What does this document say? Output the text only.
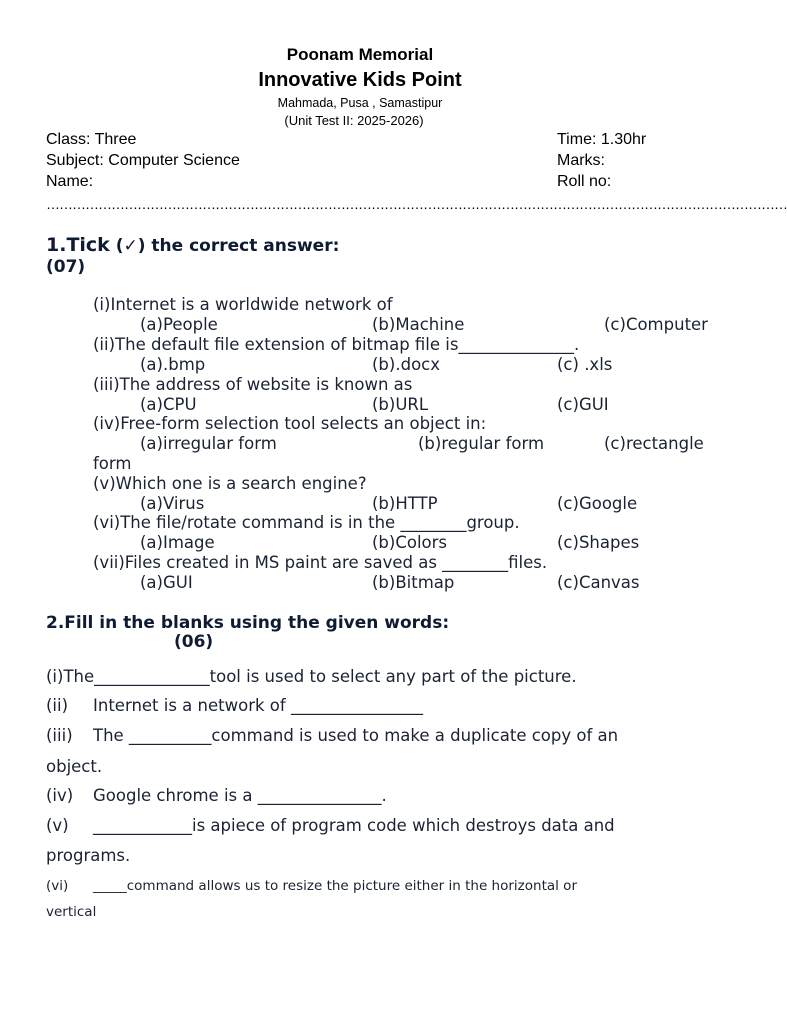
Poonam Memorial
Innovative Kids Point
Mahmada, Pusa , Samastipur
(Unit Test II: 2025-2026)
Class: Three
Subject: Computer Science
Name:
Time: 1.30hr
Marks:
Roll no:
………………………………………………………………………………………………………………………………………………………
1.Tick (✓) the correct answer:
(07)
(i)Internet is a worldwide network of
(a)People	(b)Machine	(c)Computer
(ii)The default file extension of bitmap file is______________.
(a).bmp	(b).docx	(c) .xls
(iii)The address of website is known as
(a)CPU	(b)URL	(c)GUI
(iv)Free-form selection tool selects an object in:
(a)irregular form	(b)regular form	(c)rectangle
form
(v)Which one is a search engine?
(a)Virus	(b)HTTP	(c)Google
(vi)The file/rotate command is in the ________group.
(a)Image	(b)Colors	(c)Shapes
(vii)Files created in MS paint are saved as ________files.
(a)GUI	(b)Bitmap	(c)Canvas
2.Fill in the blanks using the given words:
(06)
(i)The______________tool is used to select any part of the picture.
(ii) Internet is a network of ________________
(iii) The __________command is used to make a duplicate copy of an
object.
(iv) Google chrome is a _______________.
(v) ____________is apiece of program code which destroys data and
programs.
(vi) _____command allows us to resize the picture either in the horizontal or
vertical
